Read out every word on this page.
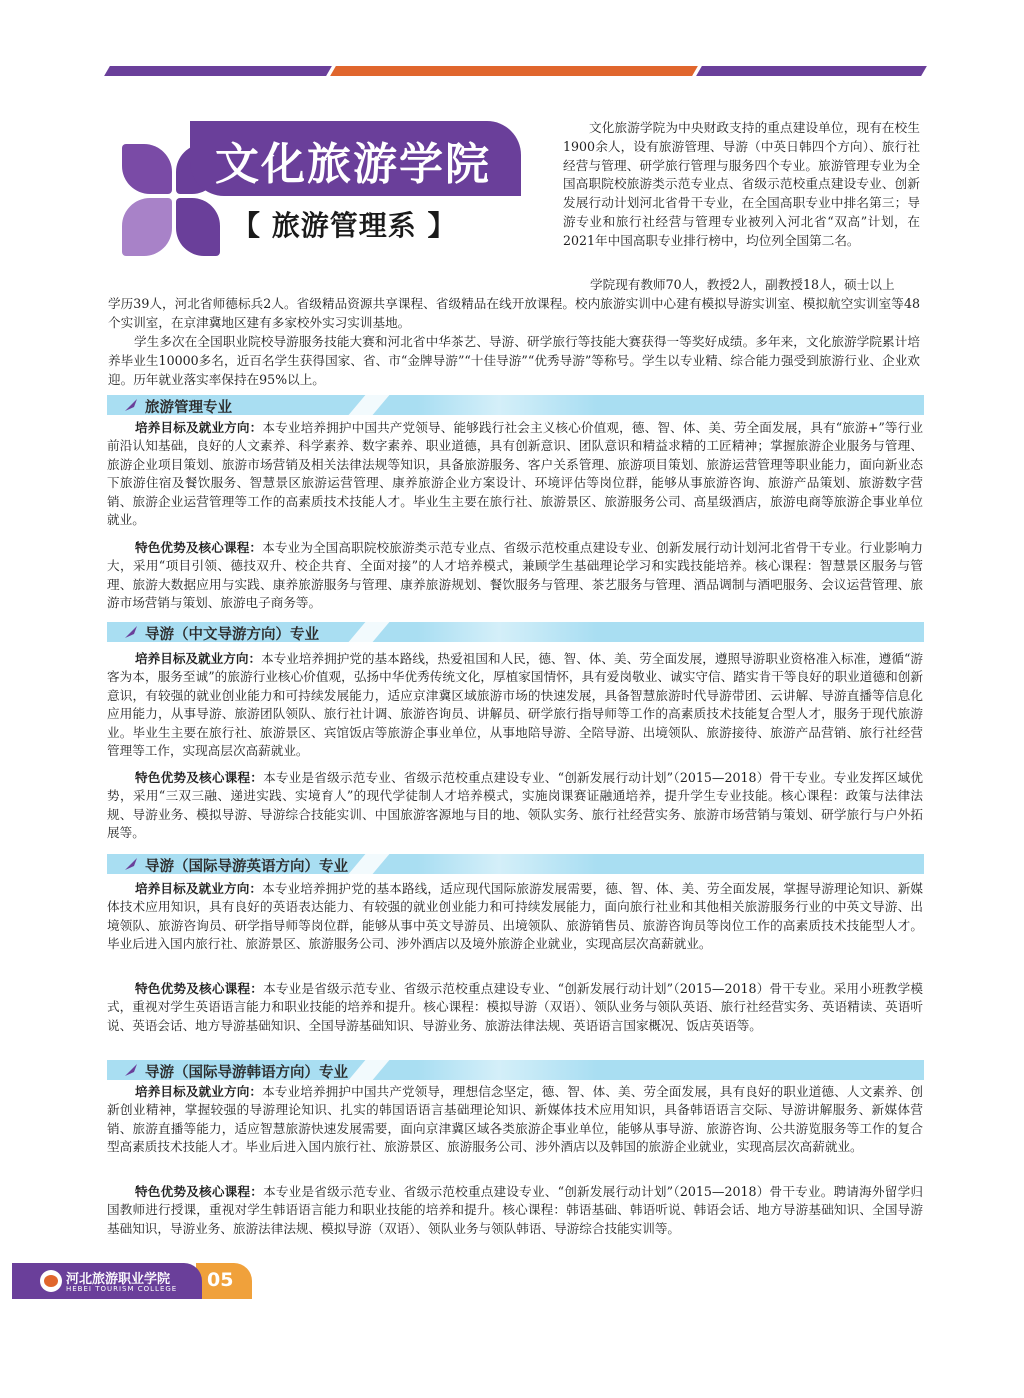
文化旅游学院
【 旅游管理系 】

文化旅游学院为中央财政支持的重点建设单位，现有在校生1900余人，设有旅游管理、导游（中英日韩四个方向）、旅行社经营与管理、研学旅行管理与服务四个专业。旅游管理专业为全国高职院校旅游类示范专业点、省级示范校重点建设专业、创新发展行动计划河北省骨干专业，在全国高职专业中排名第三；导游专业和旅行社经营与管理专业被列入河北省“双高”计划，在2021年中国高职专业排行榜中，均位列全国第二名。

学院现有教师70人，教授2人，副教授18人，硕士以上
学历39人，河北省师德标兵2人。省级精品资源共享课程、省级精品在线开放课程。校内旅游实训中心建有模拟导游实训室、模拟航空实训室等48个实训室，在京津冀地区建有多家校外实习实训基地。

学生多次在全国职业院校导游服务技能大赛和河北省中华茶艺、导游、研学旅行等技能大赛获得一等奖好成绩。多年来，文化旅游学院累计培养毕业生10000多名，近百名学生获得国家、省、市“金牌导游”“十佳导游”“优秀导游”等称号。学生以专业精、综合能力强受到旅游行业、企业欢迎。历年就业落实率保持在95%以上。

旅游管理专业

培养目标及就业方向：本专业培养拥护中国共产党领导、能够践行社会主义核心价值观，德、智、体、美、劳全面发展，具有“旅游+”等行业前沿认知基础，良好的人文素养、科学素养、数字素养、职业道德，具有创新意识、团队意识和精益求精的工匠精神；掌握旅游企业服务与管理、旅游企业项目策划、旅游市场营销及相关法律法规等知识，具备旅游服务、客户关系管理、旅游项目策划、旅游运营管理等职业能力，面向新业态下旅游住宿及餐饮服务、智慧景区旅游运营管理、康养旅游企业方案设计、环境评估等岗位群，能够从事旅游咨询、旅游产品策划、旅游数字营销、旅游企业运营管理等工作的高素质技术技能人才。毕业生主要在旅行社、旅游景区、旅游服务公司、高星级酒店，旅游电商等旅游企事业单位就业。

特色优势及核心课程：本专业为全国高职院校旅游类示范专业点、省级示范校重点建设专业、创新发展行动计划河北省骨干专业。行业影响力大，采用“项目引领、德技双升、校企共育、全面对接”的人才培养模式，兼顾学生基础理论学习和实践技能培养。核心课程：智慧景区服务与管理、旅游大数据应用与实践、康养旅游服务与管理、康养旅游规划、餐饮服务与管理、茶艺服务与管理、酒品调制与酒吧服务、会议运营管理、旅游市场营销与策划、旅游电子商务等。

导游（中文导游方向）专业

培养目标及就业方向：本专业培养拥护党的基本路线，热爱祖国和人民，德、智、体、美、劳全面发展，遵照导游职业资格准入标准，遵循“游客为本，服务至诚”的旅游行业核心价值观，弘扬中华优秀传统文化，厚植家国情怀，具有爱岗敬业、诚实守信、踏实肯干等良好的职业道德和创新意识，有较强的就业创业能力和可持续发展能力，适应京津冀区域旅游市场的快速发展，具备智慧旅游时代导游带团、云讲解、导游直播等信息化应用能力，从事导游、旅游团队领队、旅行社计调、旅游咨询员、讲解员、研学旅行指导师等工作的高素质技术技能复合型人才，服务于现代旅游业。毕业生主要在旅行社、旅游景区、宾馆饭店等旅游企事业单位，从事地陪导游、全陪导游、出境领队、旅游接待、旅游产品营销、旅行社经营管理等工作，实现高层次高薪就业。

特色优势及核心课程：本专业是省级示范专业、省级示范校重点建设专业、“创新发展行动计划”（2015—2018）骨干专业。专业发挥区域优势，采用“三双三融、递进实践、实境育人”的现代学徒制人才培养模式，实施岗课赛证融通培养，提升学生专业技能。核心课程：政策与法律法规、导游业务、模拟导游、导游综合技能实训、中国旅游客源地与目的地、领队实务、旅行社经营实务、旅游市场营销与策划、研学旅行与户外拓展等。

导游（国际导游英语方向）专业

培养目标及就业方向：本专业培养拥护党的基本路线，适应现代国际旅游发展需要，德、智、体、美、劳全面发展，掌握导游理论知识、新媒体技术应用知识，具有良好的英语表达能力、有较强的就业创业能力和可持续发展能力，面向旅行社业和其他相关旅游服务行业的中英文导游、出境领队、旅游咨询员、研学指导师等岗位群，能够从事中英文导游员、出境领队、旅游销售员、旅游咨询员等岗位工作的高素质技术技能型人才。毕业后进入国内旅行社、旅游景区、旅游服务公司、涉外酒店以及境外旅游企业就业，实现高层次高薪就业。

特色优势及核心课程：本专业是省级示范专业、省级示范校重点建设专业、“创新发展行动计划”（2015—2018）骨干专业。采用小班教学模式，重视对学生英语语言能力和职业技能的培养和提升。核心课程：模拟导游（双语）、领队业务与领队英语、旅行社经营实务、英语精读、英语听说、英语会话、地方导游基础知识、全国导游基础知识、导游业务、旅游法律法规、英语语言国家概况、饭店英语等。

导游（国际导游韩语方向）专业

培养目标及就业方向：本专业培养拥护中国共产党领导，理想信念坚定，德、智、体、美、劳全面发展，具有良好的职业道德、人文素养、创新创业精神，掌握较强的导游理论知识、扎实的韩国语语言基础理论知识、新媒体技术应用知识，具备韩语语言交际、导游讲解服务、新媒体营销、旅游直播等能力，适应智慧旅游快速发展需要，面向京津冀区域各类旅游企事业单位，能够从事导游、旅游咨询、公共游览服务等工作的复合型高素质技术技能人才。毕业后进入国内旅行社、旅游景区、旅游服务公司、涉外酒店以及韩国的旅游企业就业，实现高层次高薪就业。

特色优势及核心课程：本专业是省级示范专业、省级示范校重点建设专业、“创新发展行动计划”（2015—2018）骨干专业。聘请海外留学归国教师进行授课，重视对学生韩语语言能力和职业技能的培养和提升。核心课程：韩语基础、韩语听说、韩语会话、地方导游基础知识、全国导游基础知识，导游业务、旅游法律法规、模拟导游（双语）、领队业务与领队韩语、导游综合技能实训等。

河北旅游职业学院
HEBEI TOURISM COLLEGE 05
